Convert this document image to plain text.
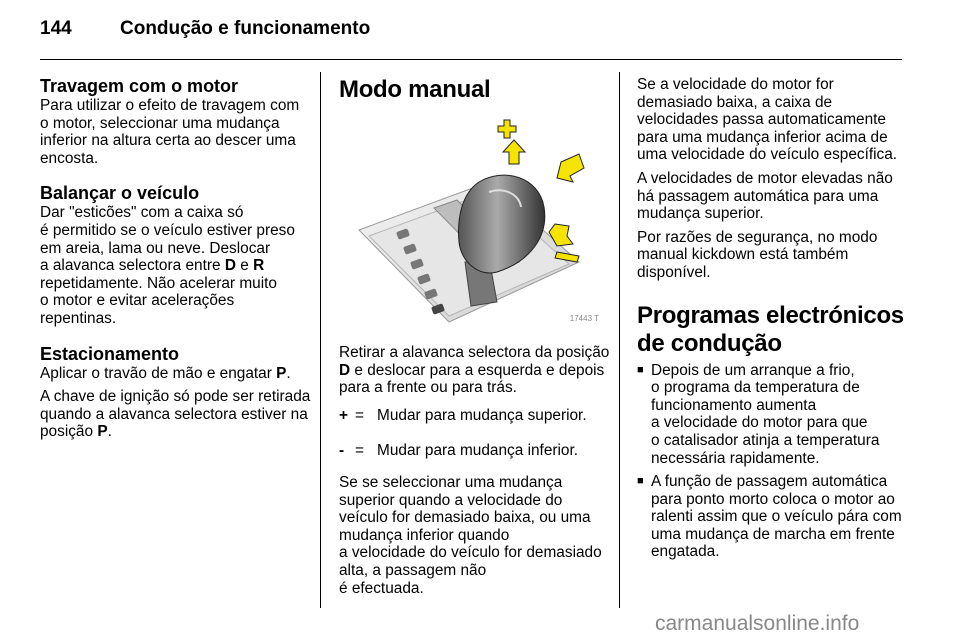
144	Condução e funcionamento
Travagem com o motor

Para utilizar o efeito de travagem com o motor, seleccionar uma mudança inferior na altura certa ao descer uma encosta.

Balançar o veículo

Dar "esticões" com a caixa só
é permitido se o veículo estiver preso em areia, lama ou neve. Deslocar
a alavanca selectora entre D e R
repetidamente. Não acelerar muito
o motor e evitar acelerações repentinas.

Estacionamento

Aplicar o travão de mão e engatar P.

A chave de ignição só pode ser retirada quando a alavanca selectora estiver na posição P.

Modo manual
17443 T

Retirar a alavanca selectora da posição D e deslocar para a esquerda e depois para a frente ou para trás.

+ = Mudar para mudança superior.
- = Mudar para mudança inferior.

Se se seleccionar uma mudança superior quando a velocidade do veículo for demasiado baixa, ou uma mudança inferior quando
a velocidade do veículo for demasiado alta, a passagem não
é efectuada.

Se a velocidade do motor for demasiado baixa, a caixa de velocidades passa automaticamente para uma mudança inferior acima de uma velocidade do veículo específica.

A velocidades de motor elevadas não há passagem automática para uma mudança superior.

Por razões de segurança, no modo manual kickdown está também disponível.

Programas electrónicos de condução
■ Depois de um arranque a frio,
o programa da temperatura de funcionamento aumenta
a velocidade do motor para que
o catalisador atinja a temperatura necessária rapidamente.
■ A função de passagem automática para ponto morto coloca o motor ao ralenti assim que o veículo pára com uma mudança de marcha em frente engatada.
carmanualsonline.info
